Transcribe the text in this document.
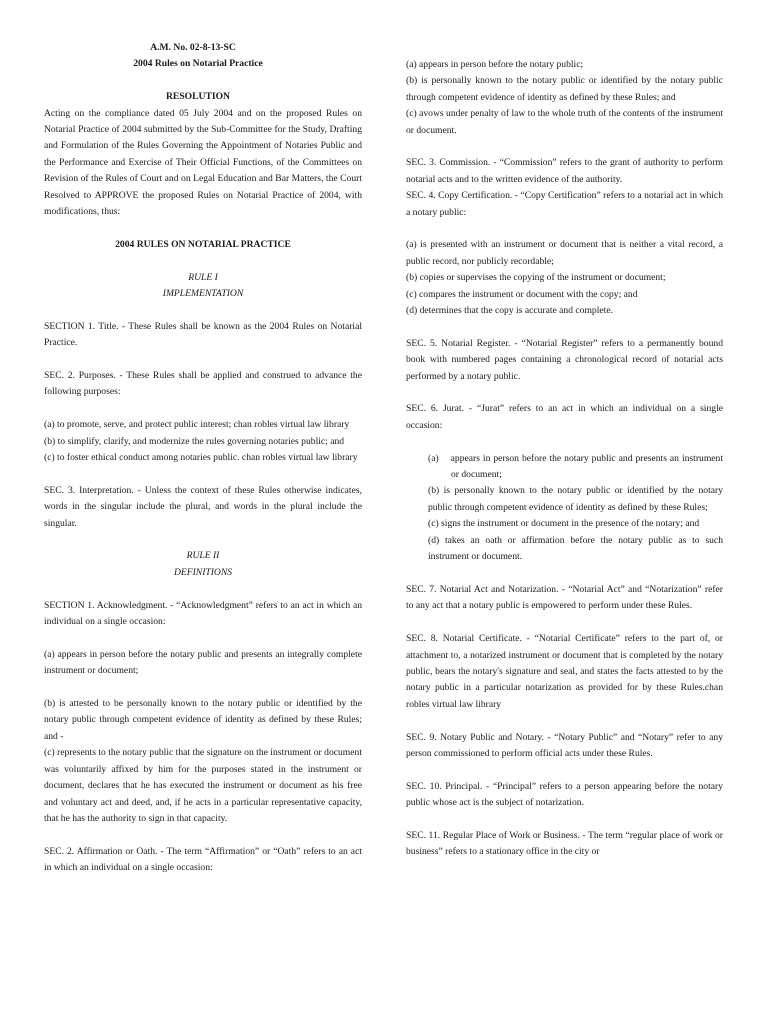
A.M. No. 02-8-13-SC

2004 Rules on Notarial Practice

RESOLUTION

Acting on the compliance dated 05 July 2004 and on the proposed Rules on Notarial Practice of 2004 submitted by the Sub-Committee for the Study, Drafting and Formulation of the Rules Governing the Appointment of Notaries Public and the Performance and Exercise of Their Official Functions, of the Committees on Revision of the Rules of Court and on Legal Education and Bar Matters, the Court Resolved to APPROVE the proposed Rules on Notarial Practice of 2004, with modifications, thus:

2004 RULES ON NOTARIAL PRACTICE

RULE I

IMPLEMENTATION

SECTION 1. Title. - These Rules shall be known as the 2004 Rules on Notarial Practice.

SEC. 2. Purposes. - These Rules shall be applied and construed to advance the following purposes:

(a) to promote, serve, and protect public interest; chan robles virtual law library

(b) to simplify, clarify, and modernize the rules governing notaries public; and

(c) to foster ethical conduct among notaries public. chan robles virtual law library

SEC. 3. Interpretation. - Unless the context of these Rules otherwise indicates, words in the singular include the plural, and words in the plural include the singular.

RULE II

DEFINITIONS

SECTION 1. Acknowledgment. - “Acknowledgment” refers to an act in which an individual on a single occasion:

(a) appears in person before the notary public and presents an integrally complete instrument or document;

(b) is attested to be personally known to the notary public or identified by the notary public through competent evidence of identity as defined by these Rules; and -

(c) represents to the notary public that the signature on the instrument or document was voluntarily affixed by him for the purposes stated in the instrument or document, declares that he has executed the instrument or document as his free and voluntary act and deed, and, if he acts in a particular representative capacity, that he has the authority to sign in that capacity.

SEC. 2. Affirmation or Oath. - The term “Affirmation” or “Oath” refers to an act in which an individual on a single occasion:

(a) appears in person before the notary public;

(b) is personally known to the notary public or identified by the notary public through competent evidence of identity as defined by these Rules; and

(c) avows under penalty of law to the whole truth of the contents of the instrument or document.

SEC. 3. Commission. - “Commission” refers to the grant of authority to perform notarial acts and to the written evidence of the authority.

SEC. 4. Copy Certification. - “Copy Certification” refers to a notarial act in which a notary public:

(a) is presented with an instrument or document that is neither a vital record, a public record, nor publicly recordable;

(b) copies or supervises the copying of the instrument or document;

(c) compares the instrument or document with the copy; and

(d) determines that the copy is accurate and complete.

SEC. 5. Notarial Register. - “Notarial Register” refers to a permanently bound book with numbered pages containing a chronological record of notarial acts performed by a notary public.

SEC. 6. Jurat. - “Jurat” refers to an act in which an individual on a single occasion:

(a) appears in person before the notary public and presents an instrument or document;

(b) is personally known to the notary public or identified by the notary public through competent evidence of identity as defined by these Rules;

(c) signs the instrument or document in the presence of the notary; and

(d) takes an oath or affirmation before the notary public as to such instrument or document.

SEC. 7. Notarial Act and Notarization. - “Notarial Act” and “Notarization” refer to any act that a notary public is empowered to perform under these Rules.

SEC. 8. Notarial Certificate. - “Notarial Certificate” refers to the part of, or attachment to, a notarized instrument or document that is completed by the notary public, bears the notary's signature and seal, and states the facts attested to by the notary public in a particular notarization as provided for by these Rules.chan robles virtual law library

SEC. 9. Notary Public and Notary. - “Notary Public” and “Notary” refer to any person commissioned to perform official acts under these Rules.

SEC. 10. Principal. - “Principal” refers to a person appearing before the notary public whose act is the subject of notarization.

SEC. 11. Regular Place of Work or Business. - The term “regular place of work or business” refers to a stationary office in the city or
